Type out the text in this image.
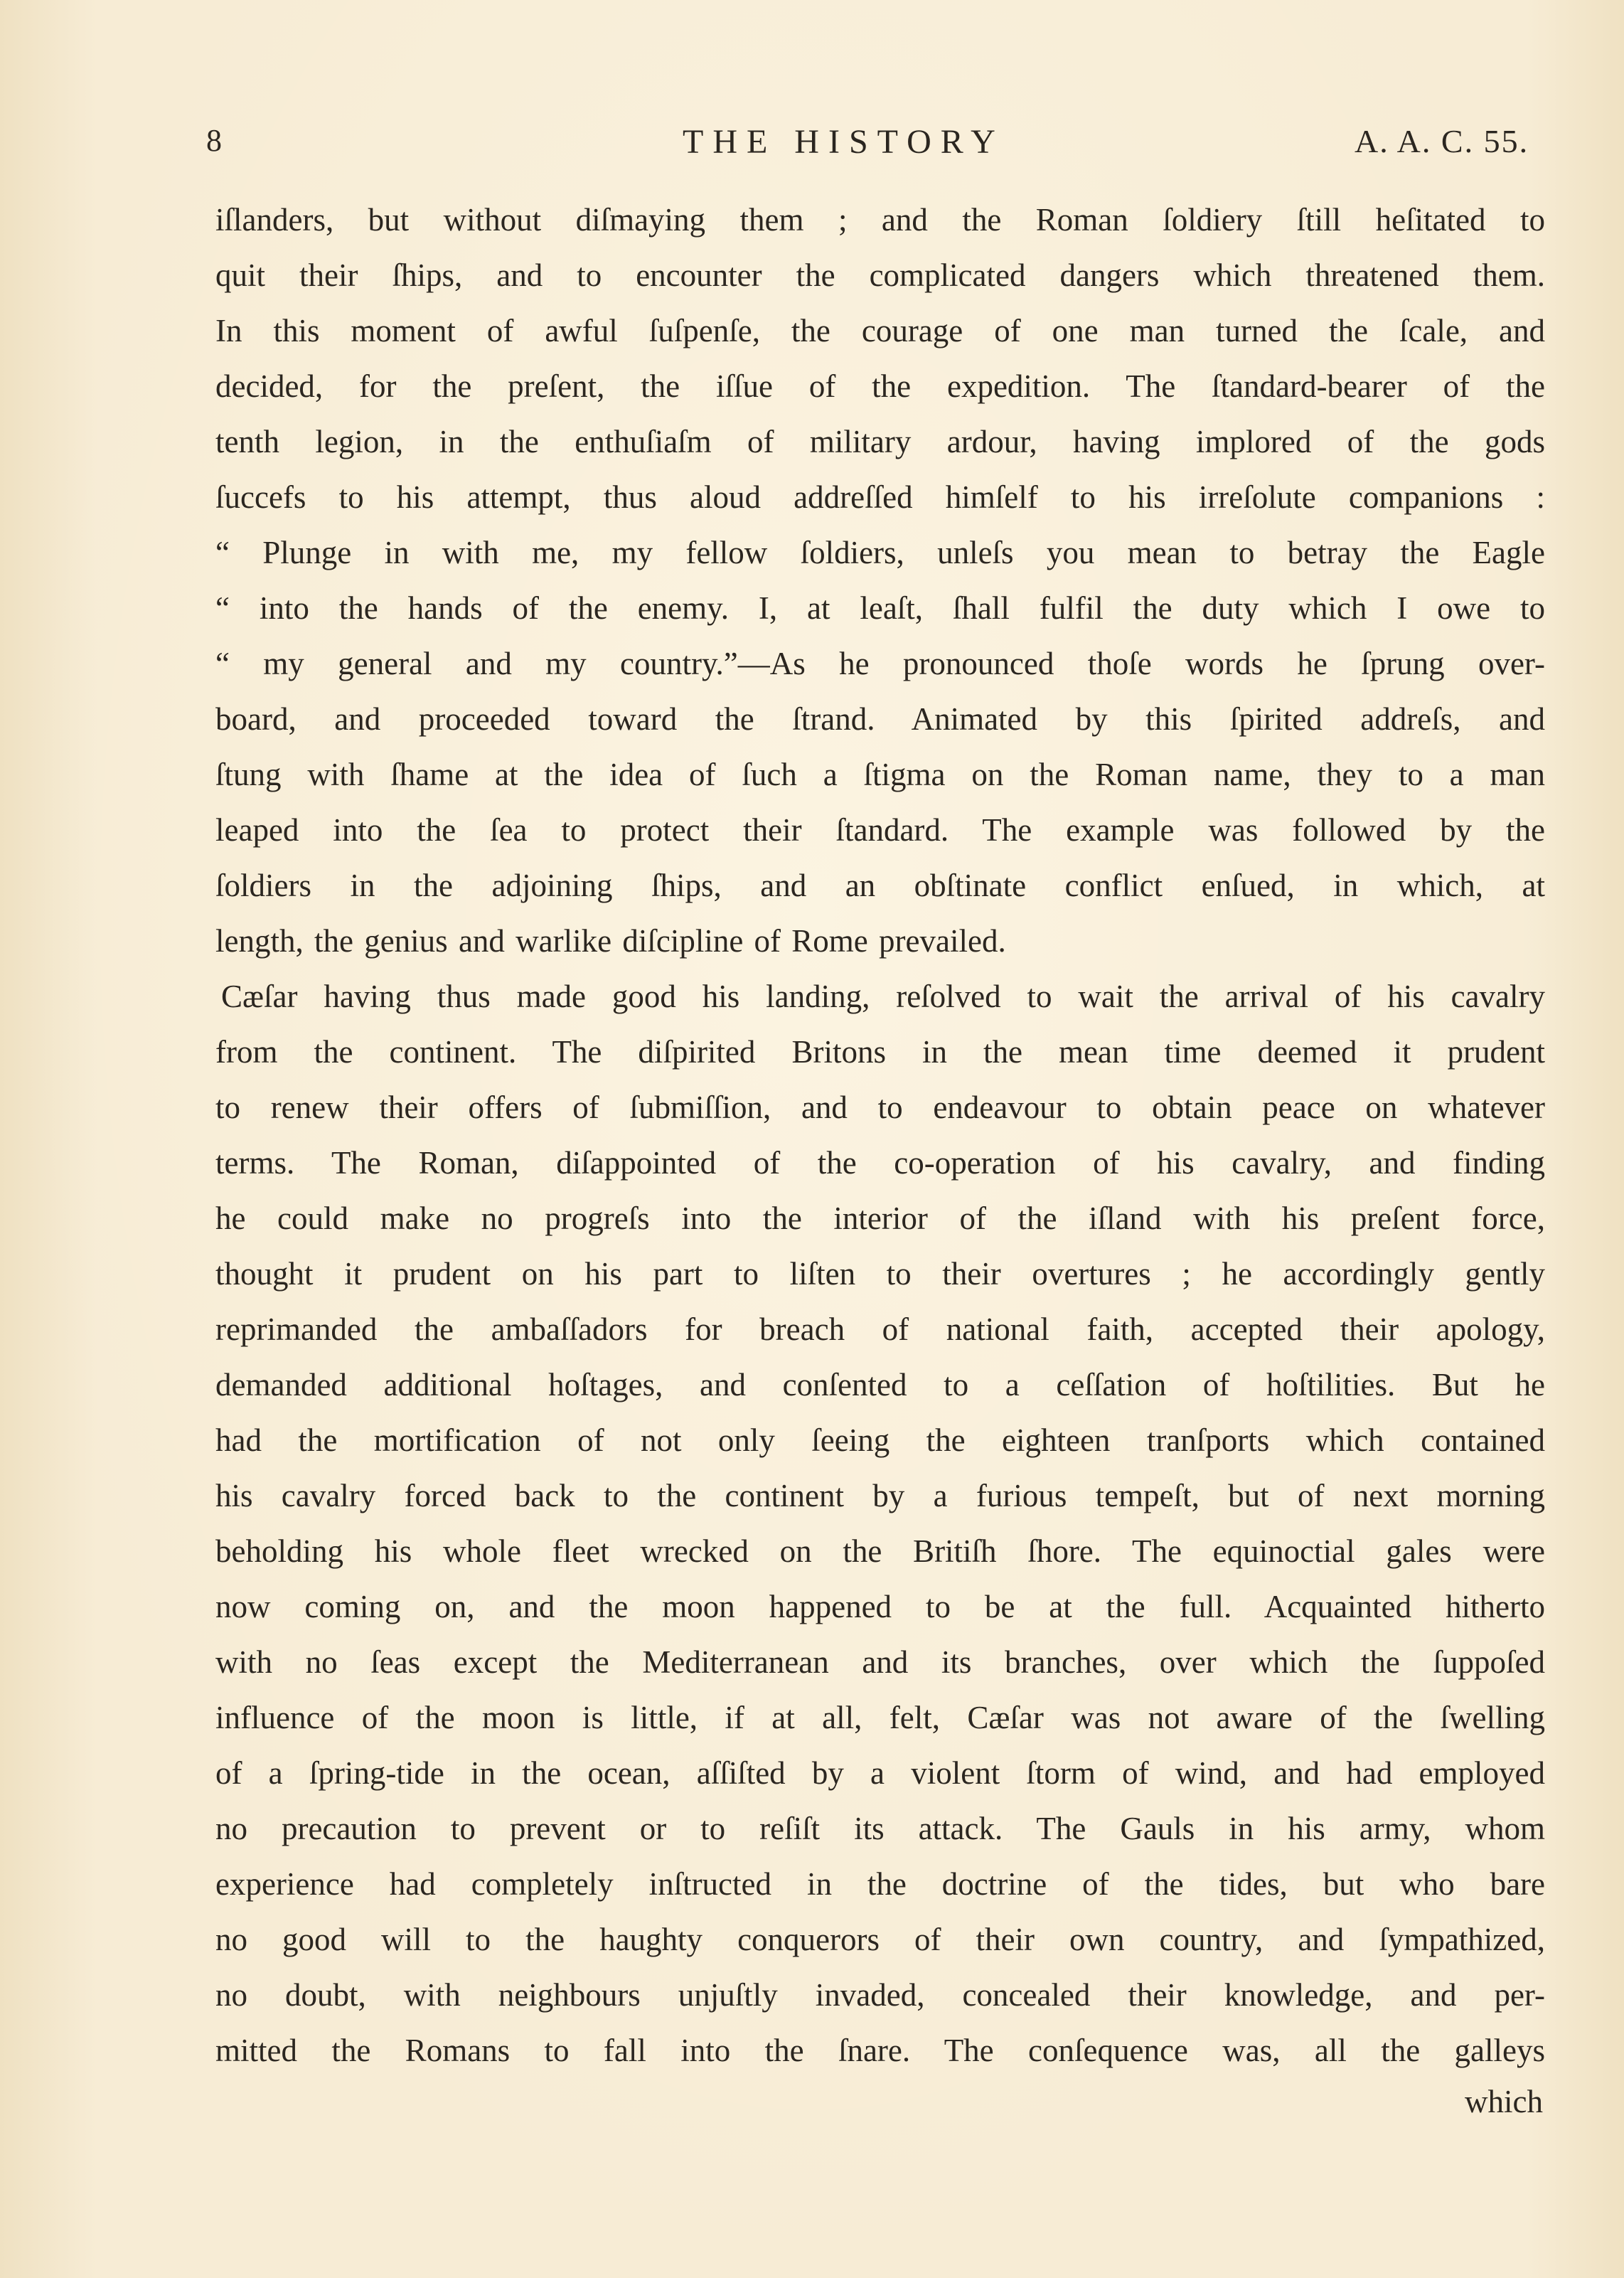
8	THE HISTORY	A. A. C. 55.
iſlanders, but without diſmaying them ; and the Roman ſoldiery ſtill heſitated to
quit their ſhips, and to encounter the complicated dangers which threatened them.
In this moment of awful ſuſpenſe, the courage of one man turned the ſcale, and
decided, for the preſent, the iſſue of the expedition. The ſtandard-bearer of the
tenth legion, in the enthuſiaſm of military ardour, having implored of the gods
ſuccefs to his attempt, thus aloud addreſſed himſelf to his irreſolute companions :
“ Plunge in with me, my fellow ſoldiers, unleſs you mean to betray the Eagle
“ into the hands of the enemy. I, at leaſt, ſhall fulfil the duty which I owe to
“ my general and my country.”—As he pronounced thoſe words he ſprung over-
board, and proceeded toward the ſtrand. Animated by this ſpirited addreſs, and
ſtung with ſhame at the idea of ſuch a ſtigma on the Roman name, they to a man
leaped into the ſea to protect their ſtandard. The example was followed by the
ſoldiers in the adjoining ſhips, and an obſtinate conflict enſued, in which, at
length, the genius and warlike diſcipline of Rome prevailed.
Cæſar having thus made good his landing, reſolved to wait the arrival of his cavalry
from the continent. The diſpirited Britons in the mean time deemed it prudent
to renew their offers of ſubmiſſion, and to endeavour to obtain peace on whatever
terms. The Roman, diſappointed of the co-operation of his cavalry, and finding
he could make no progreſs into the interior of the iſland with his preſent force,
thought it prudent on his part to liſten to their overtures ; he accordingly gently
reprimanded the ambaſſadors for breach of national faith, accepted their apology,
demanded additional hoſtages, and conſented to a ceſſation of hoſtilities. But he
had the mortification of not only ſeeing the eighteen tranſports which contained
his cavalry forced back to the continent by a furious tempeſt, but of next morning
beholding his whole fleet wrecked on the Britiſh ſhore. The equinoctial gales were
now coming on, and the moon happened to be at the full. Acquainted hitherto
with no ſeas except the Mediterranean and its branches, over which the ſuppoſed
influence of the moon is little, if at all, felt, Cæſar was not aware of the ſwelling
of a ſpring-tide in the ocean, aſſiſted by a violent ſtorm of wind, and had employed
no precaution to prevent or to reſiſt its attack. The Gauls in his army, whom
experience had completely inſtructed in the doctrine of the tides, but who bare
no good will to the haughty conquerors of their own country, and ſympathized,
no doubt, with neighbours unjuſtly invaded, concealed their knowledge, and per-
mitted the Romans to fall into the ſnare. The conſequence was, all the galleys
which
